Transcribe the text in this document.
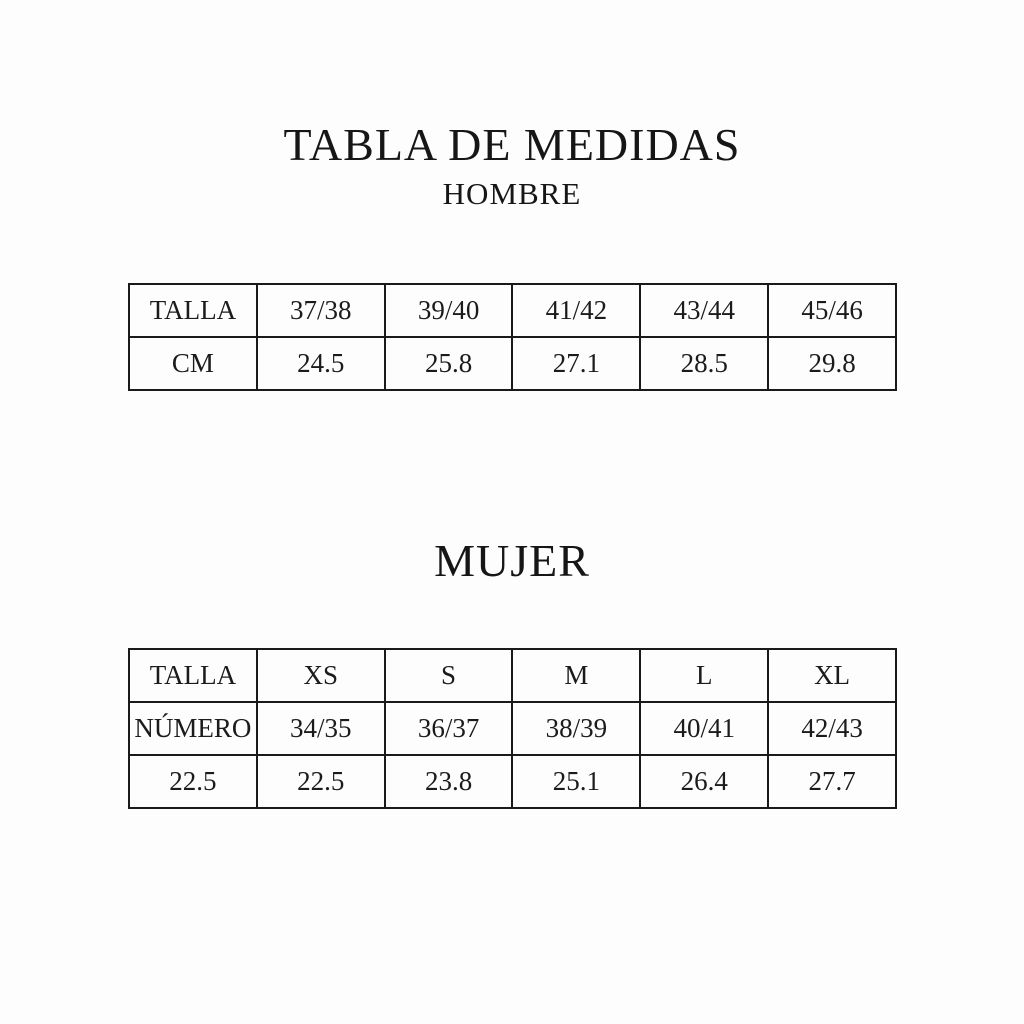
TABLA DE MEDIDAS
HOMBRE
TALLA	37/38	39/40	41/42	43/44	45/46
CM	24.5	25.8	27.1	28.5	29.8
MUJER
TALLA	XS	S	M	L	XL
NÚMERO	34/35	36/37	38/39	40/41	42/43
22.5	22.5	23.8	25.1	26.4	27.7
